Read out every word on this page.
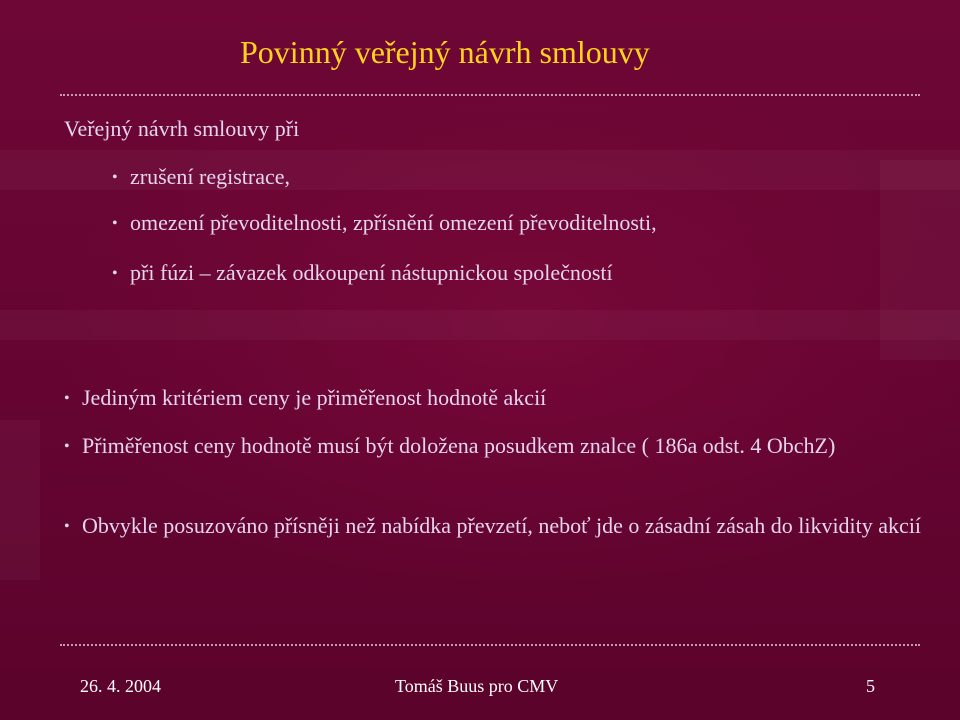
Povinný veřejný návrh smlouvy
Veřejný návrh smlouvy při
• zrušení registrace,
• omezení převoditelnosti, zpřísnění omezení převoditelnosti,
• při fúzi – závazek odkoupení nástupnickou společností
• Jediným kritériem ceny je přiměřenost hodnotě akcií
• Přiměřenost ceny hodnotě musí být doložena posudkem znalce ( 186a odst. 4 ObchZ)
• Obvykle posuzováno přísněji než nabídka převzetí, neboť jde o zásadní zásah do likvidity akcií
26. 4. 2004	Tomáš Buus pro CMV	5
